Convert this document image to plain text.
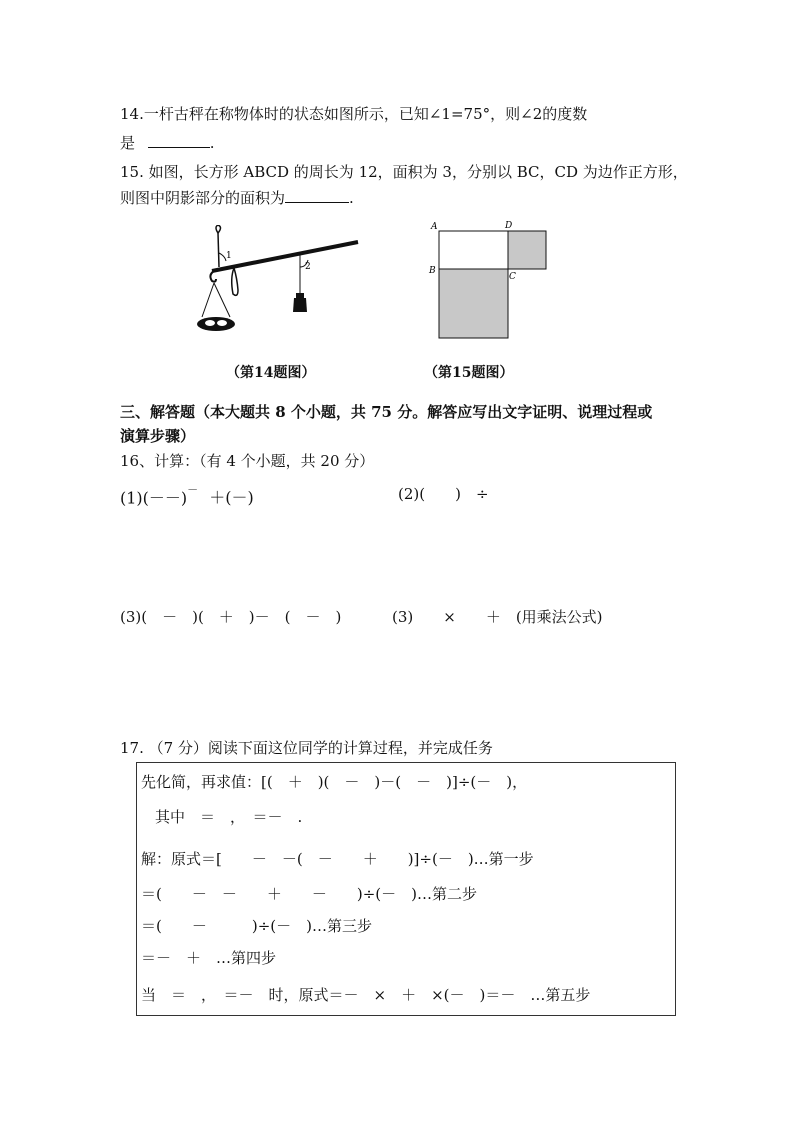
14.一杆古秤在称物体时的状态如图所示，已知∠1=75°，则∠2的度数
是	.
15. 如图，长方形 ABCD 的周长为 12，面积为 3，分别以 BC，CD 为边作正方形，
则图中阴影部分的面积为	.
1
2
（第14题图）
A	D
B
C
（第15题图）
三、解答题（本大题共 8 个小题，共 75 分。解答应写出文字证明、说理过程或
演算步骤）
16、计算：（有 4 个小题，共 20 分）
(1)(－－)－ ＋(－)	(2)(　　)　÷
(3)(　－　)(　＋　)－　(　－　)	(3)　　×　　＋　(用乘法公式)
17. （7 分）阅读下面这位同学的计算过程，并完成任务
先化简，再求值：[(　＋　)(　－　)－(　－　)]÷(－　)，
其中　＝　，　＝－　.
解：原式＝[　　－　－(　－　　＋　　)]÷(－　)…第一步
＝(　　－　－　　＋　　－　　)÷(－　)…第二步
＝(　　－　　　)÷(－　)…第三步
＝－　＋　…第四步
当　＝　，　＝－　时，原式＝－　×　＋　×(－　)＝－　…第五步
